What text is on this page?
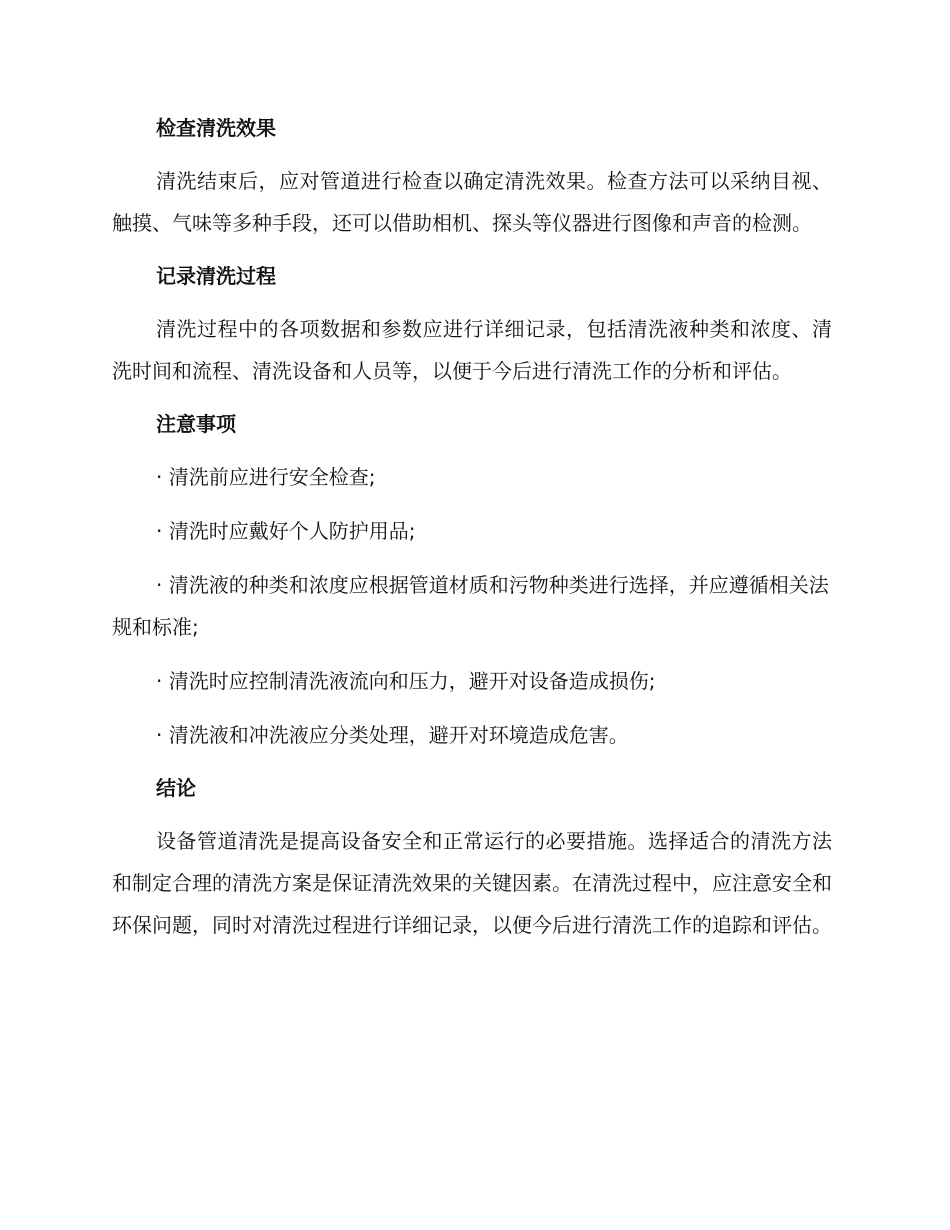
检查清洗效果

清洗结束后，应对管道进行检查以确定清洗效果。检查方法可以采纳目视、触摸、气味等多种手段，还可以借助相机、探头等仪器进行图像和声音的检测。

记录清洗过程

清洗过程中的各项数据和参数应进行详细记录，包括清洗液种类和浓度、清洗时间和流程、清洗设备和人员等，以便于今后进行清洗工作的分析和评估。

注意事项

· 清洗前应进行安全检查;

· 清洗时应戴好个人防护用品;

· 清洗液的种类和浓度应根据管道材质和污物种类进行选择，并应遵循相关法规和标准;

· 清洗时应控制清洗液流向和压力，避开对设备造成损伤;

· 清洗液和冲洗液应分类处理，避开对环境造成危害。

结论

设备管道清洗是提高设备安全和正常运行的必要措施。选择适合的清洗方法和制定合理的清洗方案是保证清洗效果的关键因素。在清洗过程中，应注意安全和环保问题，同时对清洗过程进行详细记录，以便今后进行清洗工作的追踪和评估。
